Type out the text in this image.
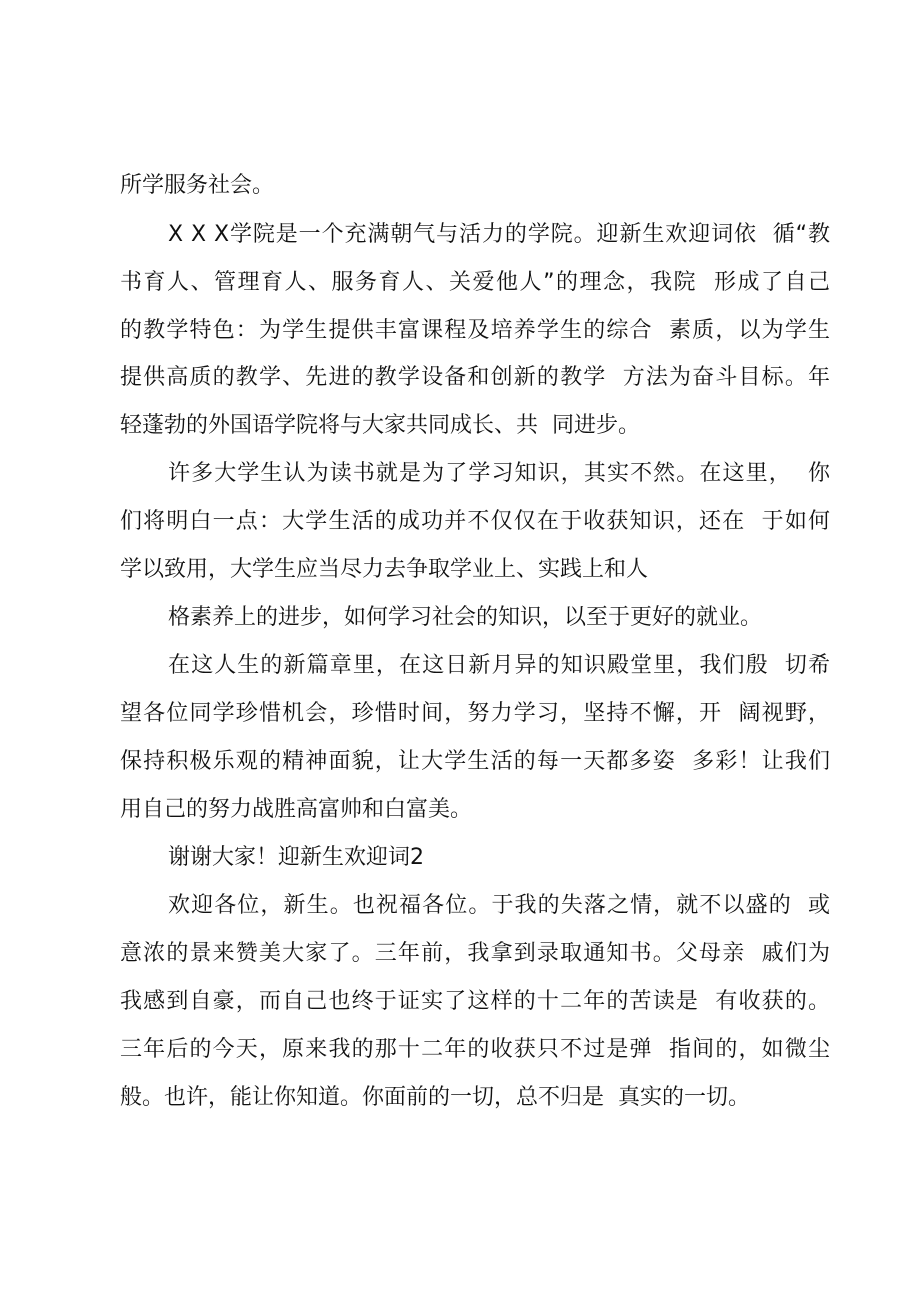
所学服务社会。

X X X学院是一个充满朝气与活力的学院。迎新生欢迎词依  循“教

书育人、管理育人、服务育人、关爱他人”的理念，我院  形成了自己

的教学特色：为学生提供丰富课程及培养学生的综合  素质，以为学生

提供高质的教学、先进的教学设备和创新的教学  方法为奋斗目标。年

轻蓬勃的外国语学院将与大家共同成长、共  同进步。

许多大学生认为读书就是为了学习知识，其实不然。在这里，  你

们将明白一点：大学生活的成功并不仅仅在于收获知识，还在  于如何

学以致用，大学生应当尽力去争取学业上、实践上和人

格素养上的进步，如何学习社会的知识，以至于更好的就业。

在这人生的新篇章里，在这日新月异的知识殿堂里，我们殷  切希

望各位同学珍惜机会，珍惜时间，努力学习，坚持不懈，开  阔视野，

保持积极乐观的精神面貌，让大学生活的每一天都多姿  多彩！让我们

用自己的努力战胜高富帅和白富美。

谢谢大家！迎新生欢迎词2

欢迎各位，新生。也祝福各位。于我的失落之情，就不以盛的  或

意浓的景来赞美大家了。三年前，我拿到录取通知书。父母亲  戚们为

我感到自豪，而自己也终于证实了这样的十二年的苦读是  有收获的。

三年后的今天，原来我的那十二年的收获只不过是弹  指间的，如微尘

般。也许，能让你知道。你面前的一切，总不归是  真实的一切。
